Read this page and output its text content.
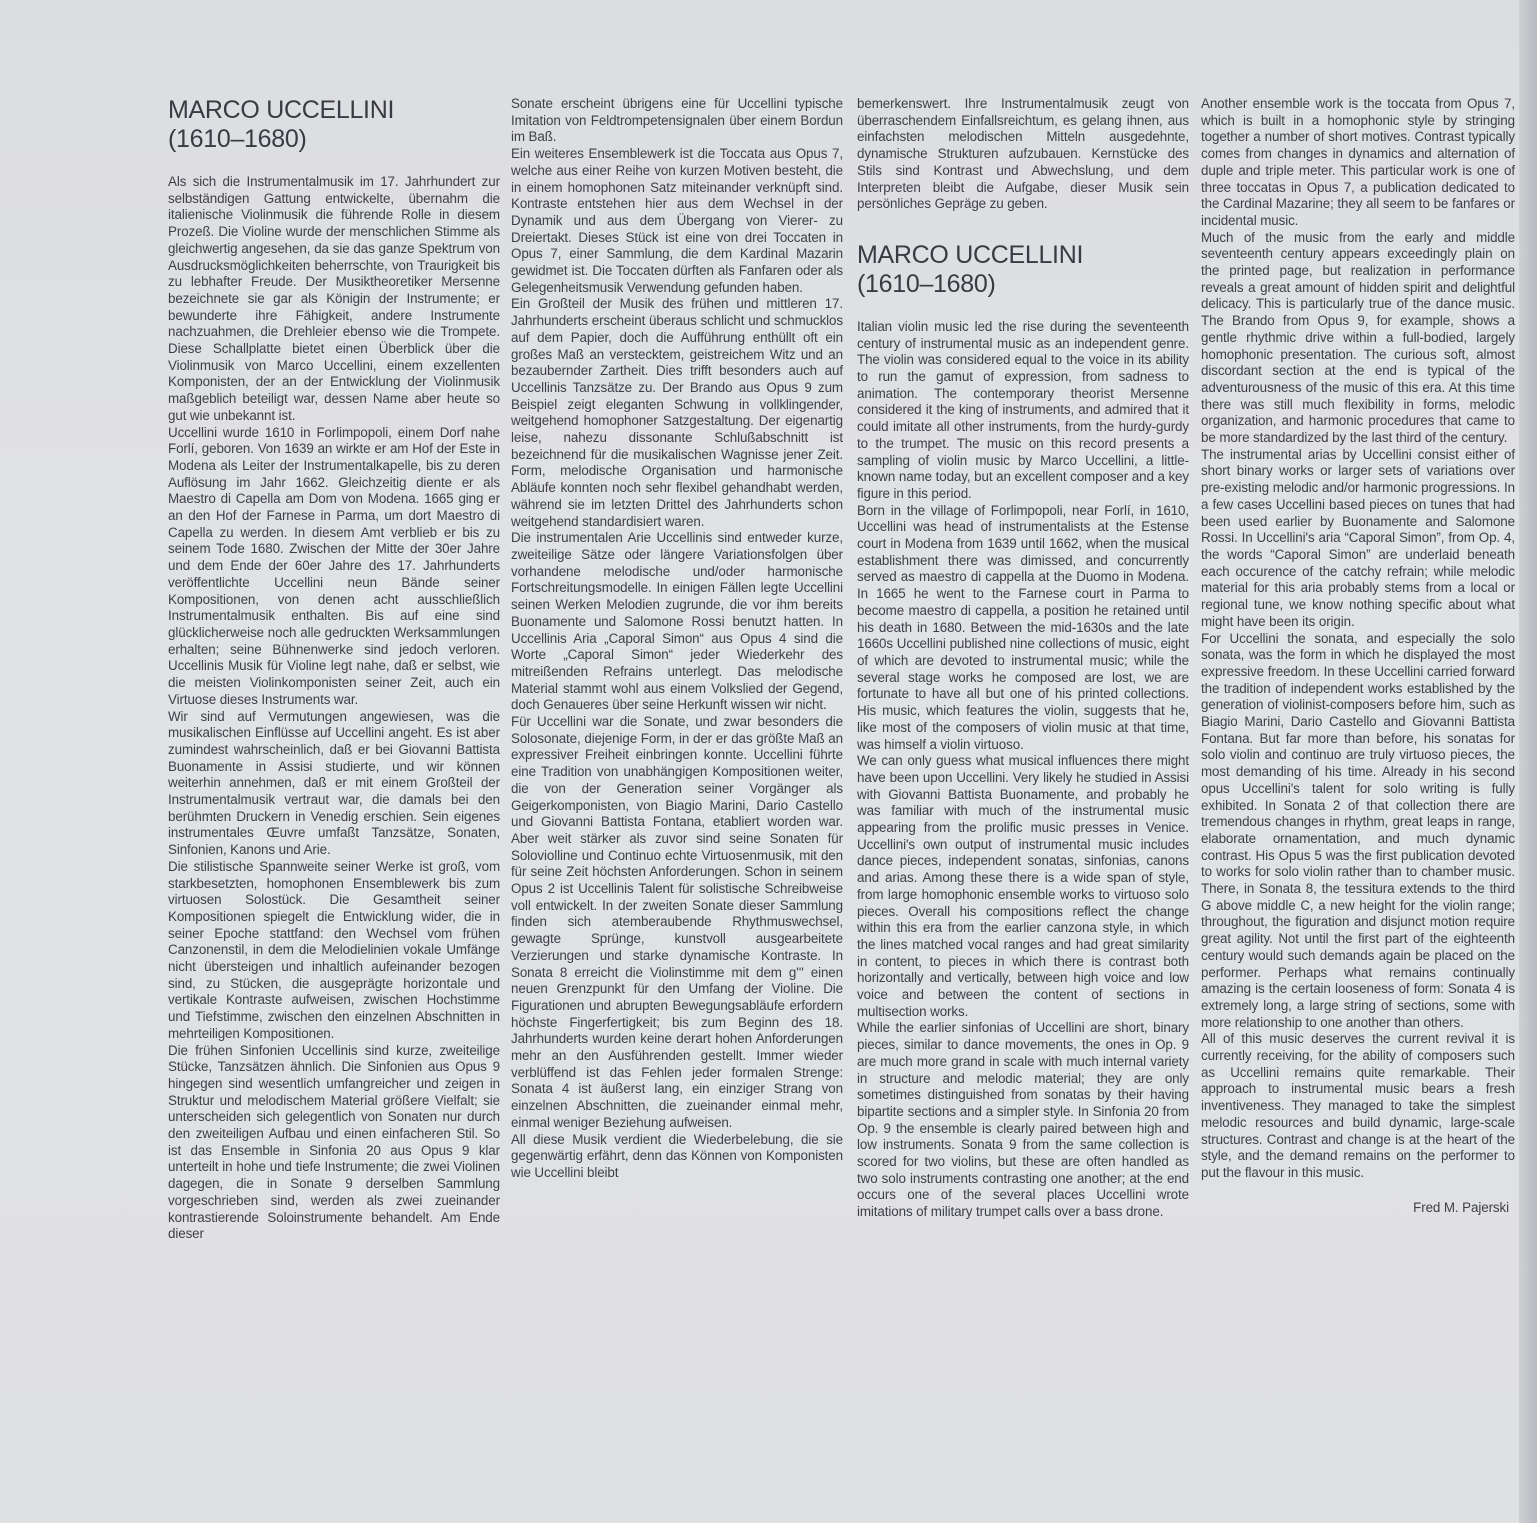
MARCO UCCELLINI
(1610–1680)

Als sich die Instrumentalmusik im 17. Jahrhundert zur selbständigen Gattung entwickelte, übernahm die italienische Violinmusik die führende Rolle in diesem Prozeß. Die Violine wurde der menschlichen Stimme als gleichwertig angesehen, da sie das ganze Spektrum von Ausdrucksmöglichkeiten beherrschte, von Traurigkeit bis zu lebhafter Freude. Der Musiktheoretiker Mersenne bezeichnete sie gar als Königin der Instrumente; er bewunderte ihre Fähigkeit, andere Instrumente nachzuahmen, die Drehleier ebenso wie die Trompete. Diese Schallplatte bietet einen Überblick über die Violinmusik von Marco Uccellini, einem exzellenten Komponisten, der an der Entwicklung der Violinmusik maßgeblich beteiligt war, dessen Name aber heute so gut wie unbekannt ist.

Uccellini wurde 1610 in Forlimpopoli, einem Dorf nahe Forlí, geboren. Von 1639 an wirkte er am Hof der Este in Modena als Leiter der Instrumentalkapelle, bis zu deren Auflösung im Jahr 1662. Gleichzeitig diente er als Maestro di Capella am Dom von Modena. 1665 ging er an den Hof der Farnese in Parma, um dort Maestro di Capella zu werden. In diesem Amt verblieb er bis zu seinem Tode 1680. Zwischen der Mitte der 30er Jahre und dem Ende der 60er Jahre des 17. Jahrhunderts veröffentlichte Uccellini neun Bände seiner Kompositionen, von denen acht ausschließlich Instrumentalmusik enthalten. Bis auf eine sind glücklicherweise noch alle gedruckten Werksammlungen erhalten; seine Bühnenwerke sind jedoch verloren. Uccellinis Musik für Violine legt nahe, daß er selbst, wie die meisten Violinkomponisten seiner Zeit, auch ein Virtuose dieses Instruments war.

Wir sind auf Vermutungen angewiesen, was die musikalischen Einflüsse auf Uccellini angeht. Es ist aber zumindest wahrscheinlich, daß er bei Giovanni Battista Buonamente in Assisi studierte, und wir können weiterhin annehmen, daß er mit einem Großteil der Instrumentalmusik vertraut war, die damals bei den berühmten Druckern in Venedig erschien. Sein eigenes instrumentales Œuvre umfaßt Tanzsätze, Sonaten, Sinfonien, Kanons und Arie.

Die stilistische Spannweite seiner Werke ist groß, vom starkbesetzten, homophonen Ensemblewerk bis zum virtuosen Solostück. Die Gesamtheit seiner Kompositionen spiegelt die Entwicklung wider, die in seiner Epoche stattfand: den Wechsel vom frühen Canzonenstil, in dem die Melodielinien vokale Umfänge nicht übersteigen und inhaltlich aufeinander bezogen sind, zu Stücken, die ausgeprägte horizontale und vertikale Kontraste aufweisen, zwischen Hochstimme und Tiefstimme, zwischen den einzelnen Abschnitten in mehrteiligen Kompositionen.

Die frühen Sinfonien Uccellinis sind kurze, zweiteilige Stücke, Tanzsätzen ähnlich. Die Sinfonien aus Opus 9 hingegen sind wesentlich umfangreicher und zeigen in Struktur und melodischem Material größere Vielfalt; sie unterscheiden sich gelegentlich von Sonaten nur durch den zweiteiligen Aufbau und einen einfacheren Stil. So ist das Ensemble in Sinfonia 20 aus Opus 9 klar unterteilt in hohe und tiefe Instrumente; die zwei Violinen dagegen, die in Sonate 9 derselben Sammlung vorgeschrieben sind, werden als zwei zueinander kontrastierende Soloinstrumente behandelt. Am Ende dieser

Sonate erscheint übrigens eine für Uccellini typische Imitation von Feldtrompetensignalen über einem Bordun im Baß.

Ein weiteres Ensemblewerk ist die Toccata aus Opus 7, welche aus einer Reihe von kurzen Motiven besteht, die in einem homophonen Satz miteinander verknüpft sind. Kontraste entstehen hier aus dem Wechsel in der Dynamik und aus dem Übergang von Vierer- zu Dreiertakt. Dieses Stück ist eine von drei Toccaten in Opus 7, einer Sammlung, die dem Kardinal Mazarin gewidmet ist. Die Toccaten dürften als Fanfaren oder als Gelegenheitsmusik Verwendung gefunden haben.

Ein Großteil der Musik des frühen und mittleren 17. Jahrhunderts erscheint überaus schlicht und schmucklos auf dem Papier, doch die Aufführung enthüllt oft ein großes Maß an verstecktem, geistreichem Witz und an bezaubernder Zartheit. Dies trifft besonders auch auf Uccellinis Tanzsätze zu. Der Brando aus Opus 9 zum Beispiel zeigt eleganten Schwung in vollklingender, weitgehend homophoner Satzgestaltung. Der eigenartig leise, nahezu dissonante Schlußabschnitt ist bezeichnend für die musikalischen Wagnisse jener Zeit. Form, melodische Organisation und harmonische Abläufe konnten noch sehr flexibel gehandhabt werden, während sie im letzten Drittel des Jahrhunderts schon weitgehend standardisiert waren.

Die instrumentalen Arie Uccellinis sind entweder kurze, zweiteilige Sätze oder längere Variationsfolgen über vorhandene melodische und/oder harmonische Fortschreitungsmodelle. In einigen Fällen legte Uccellini seinen Werken Melodien zugrunde, die vor ihm bereits Buonamente und Salomone Rossi benutzt hatten. In Uccellinis Aria „Caporal Simon“ aus Opus 4 sind die Worte „Caporal Simon“ jeder Wiederkehr des mitreißenden Refrains unterlegt. Das melodische Material stammt wohl aus einem Volkslied der Gegend, doch Genaueres über seine Herkunft wissen wir nicht.

Für Uccellini war die Sonate, und zwar besonders die Solosonate, diejenige Form, in der er das größte Maß an expressiver Freiheit einbringen konnte. Uccellini führte eine Tradition von unabhängigen Kompositionen weiter, die von der Generation seiner Vorgänger als Geigerkomponisten, von Biagio Marini, Dario Castello und Giovanni Battista Fontana, etabliert worden war. Aber weit stärker als zuvor sind seine Sonaten für Soloviolline und Continuo echte Virtuosenmusik, mit den für seine Zeit höchsten Anforderungen. Schon in seinem Opus 2 ist Uccellinis Talent für solistische Schreibweise voll entwickelt. In der zweiten Sonate dieser Sammlung finden sich atemberaubende Rhythmuswechsel, gewagte Sprünge, kunstvoll ausgearbeitete Verzierungen und starke dynamische Kontraste. In Sonata 8 erreicht die Violinstimme mit dem g''' einen neuen Grenzpunkt für den Umfang der Violine. Die Figurationen und abrupten Bewegungsabläufe erfordern höchste Fingerfertigkeit; bis zum Beginn des 18. Jahrhunderts wurden keine derart hohen Anforderungen mehr an den Ausführenden gestellt. Immer wieder verblüffend ist das Fehlen jeder formalen Strenge: Sonata 4 ist äußerst lang, ein einziger Strang von einzelnen Abschnitten, die zueinander einmal mehr, einmal weniger Beziehung aufweisen.

All diese Musik verdient die Wiederbelebung, die sie gegenwärtig erfährt, denn das Können von Komponisten wie Uccellini bleibt

bemerkenswert. Ihre Instrumentalmusik zeugt von überraschendem Einfallsreichtum, es gelang ihnen, aus einfachsten melodischen Mitteln ausgedehnte, dynamische Strukturen aufzubauen. Kernstücke des Stils sind Kontrast und Abwechslung, und dem Interpreten bleibt die Aufgabe, dieser Musik sein persönliches Gepräge zu geben.

MARCO UCCELLINI
(1610–1680)

Italian violin music led the rise during the seventeenth century of instrumental music as an independent genre. The violin was considered equal to the voice in its ability to run the gamut of expression, from sadness to animation. The contemporary theorist Mersenne considered it the king of instruments, and admired that it could imitate all other instruments, from the hurdy-gurdy to the trumpet. The music on this record presents a sampling of violin music by Marco Uccellini, a little-known name today, but an excellent composer and a key figure in this period.

Born in the village of Forlimpopoli, near Forlí, in 1610, Uccellini was head of instrumentalists at the Estense court in Modena from 1639 until 1662, when the musical establishment there was dimissed, and concurrently served as maestro di cappella at the Duomo in Modena. In 1665 he went to the Farnese court in Parma to become maestro di cappella, a position he retained until his death in 1680. Between the mid-1630s and the late 1660s Uccellini published nine collections of music, eight of which are devoted to instrumental music; while the several stage works he composed are lost, we are fortunate to have all but one of his printed collections. His music, which features the violin, suggests that he, like most of the composers of violin music at that time, was himself a violin virtuoso.

We can only guess what musical influences there might have been upon Uccellini. Very likely he studied in Assisi with Giovanni Battista Buonamente, and probably he was familiar with much of the instrumental music appearing from the prolific music presses in Venice. Uccellini's own output of instrumental music includes dance pieces, independent sonatas, sinfonias, canons and arias. Among these there is a wide span of style, from large homophonic ensemble works to virtuoso solo pieces. Overall his compositions reflect the change within this era from the earlier canzona style, in which the lines matched vocal ranges and had great similarity in content, to pieces in which there is contrast both horizontally and vertically, between high voice and low voice and between the content of sections in multisection works.

While the earlier sinfonias of Uccellini are short, binary pieces, similar to dance movements, the ones in Op. 9 are much more grand in scale with much internal variety in structure and melodic material; they are only sometimes distinguished from sonatas by their having bipartite sections and a simpler style. In Sinfonia 20 from Op. 9 the ensemble is clearly paired between high and low instruments. Sonata 9 from the same collection is scored for two violins, but these are often handled as two solo instruments contrasting one another; at the end occurs one of the several places Uccellini wrote imitations of military trumpet calls over a bass drone.

Another ensemble work is the toccata from Opus 7, which is built in a homophonic style by stringing together a number of short motives. Contrast typically comes from changes in dynamics and alternation of duple and triple meter. This particular work is one of three toccatas in Opus 7, a publication dedicated to the Cardinal Mazarine; they all seem to be fanfares or incidental music.

Much of the music from the early and middle seventeenth century appears exceedingly plain on the printed page, but realization in performance reveals a great amount of hidden spirit and delightful delicacy. This is particularly true of the dance music. The Brando from Opus 9, for example, shows a gentle rhythmic drive within a full-bodied, largely homophonic presentation. The curious soft, almost discordant section at the end is typical of the adventurousness of the music of this era. At this time there was still much flexibility in forms, melodic organization, and harmonic procedures that came to be more standardized by the last third of the century.

The instrumental arias by Uccellini consist either of short binary works or larger sets of variations over pre-existing melodic and/or harmonic progressions. In a few cases Uccellini based pieces on tunes that had been used earlier by Buonamente and Salomone Rossi. In Uccellini's aria “Caporal Simon”, from Op. 4, the words “Caporal Simon” are underlaid beneath each occurence of the catchy refrain; while melodic material for this aria probably stems from a local or regional tune, we know nothing specific about what might have been its origin.

For Uccellini the sonata, and especially the solo sonata, was the form in which he displayed the most expressive freedom. In these Uccellini carried forward the tradition of independent works established by the generation of violinist-composers before him, such as Biagio Marini, Dario Castello and Giovanni Battista Fontana. But far more than before, his sonatas for solo violin and continuo are truly virtuoso pieces, the most demanding of his time. Already in his second opus Uccellini's talent for solo writing is fully exhibited. In Sonata 2 of that collection there are tremendous changes in rhythm, great leaps in range, elaborate ornamentation, and much dynamic contrast. His Opus 5 was the first publication devoted to works for solo violin rather than to chamber music. There, in Sonata 8, the tessitura extends to the third G above middle C, a new height for the violin range; throughout, the figuration and disjunct motion require great agility. Not until the first part of the eighteenth century would such demands again be placed on the performer. Perhaps what remains continually amazing is the certain looseness of form: Sonata 4 is extremely long, a large string of sections, some with more relationship to one another than others.

All of this music deserves the current revival it is currently receiving, for the ability of composers such as Uccellini remains quite remarkable. Their approach to instrumental music bears a fresh inventiveness. They managed to take the simplest melodic resources and build dynamic, large-scale structures. Contrast and change is at the heart of the style, and the demand remains on the performer to put the flavour in this music.

Fred M. Pajerski
